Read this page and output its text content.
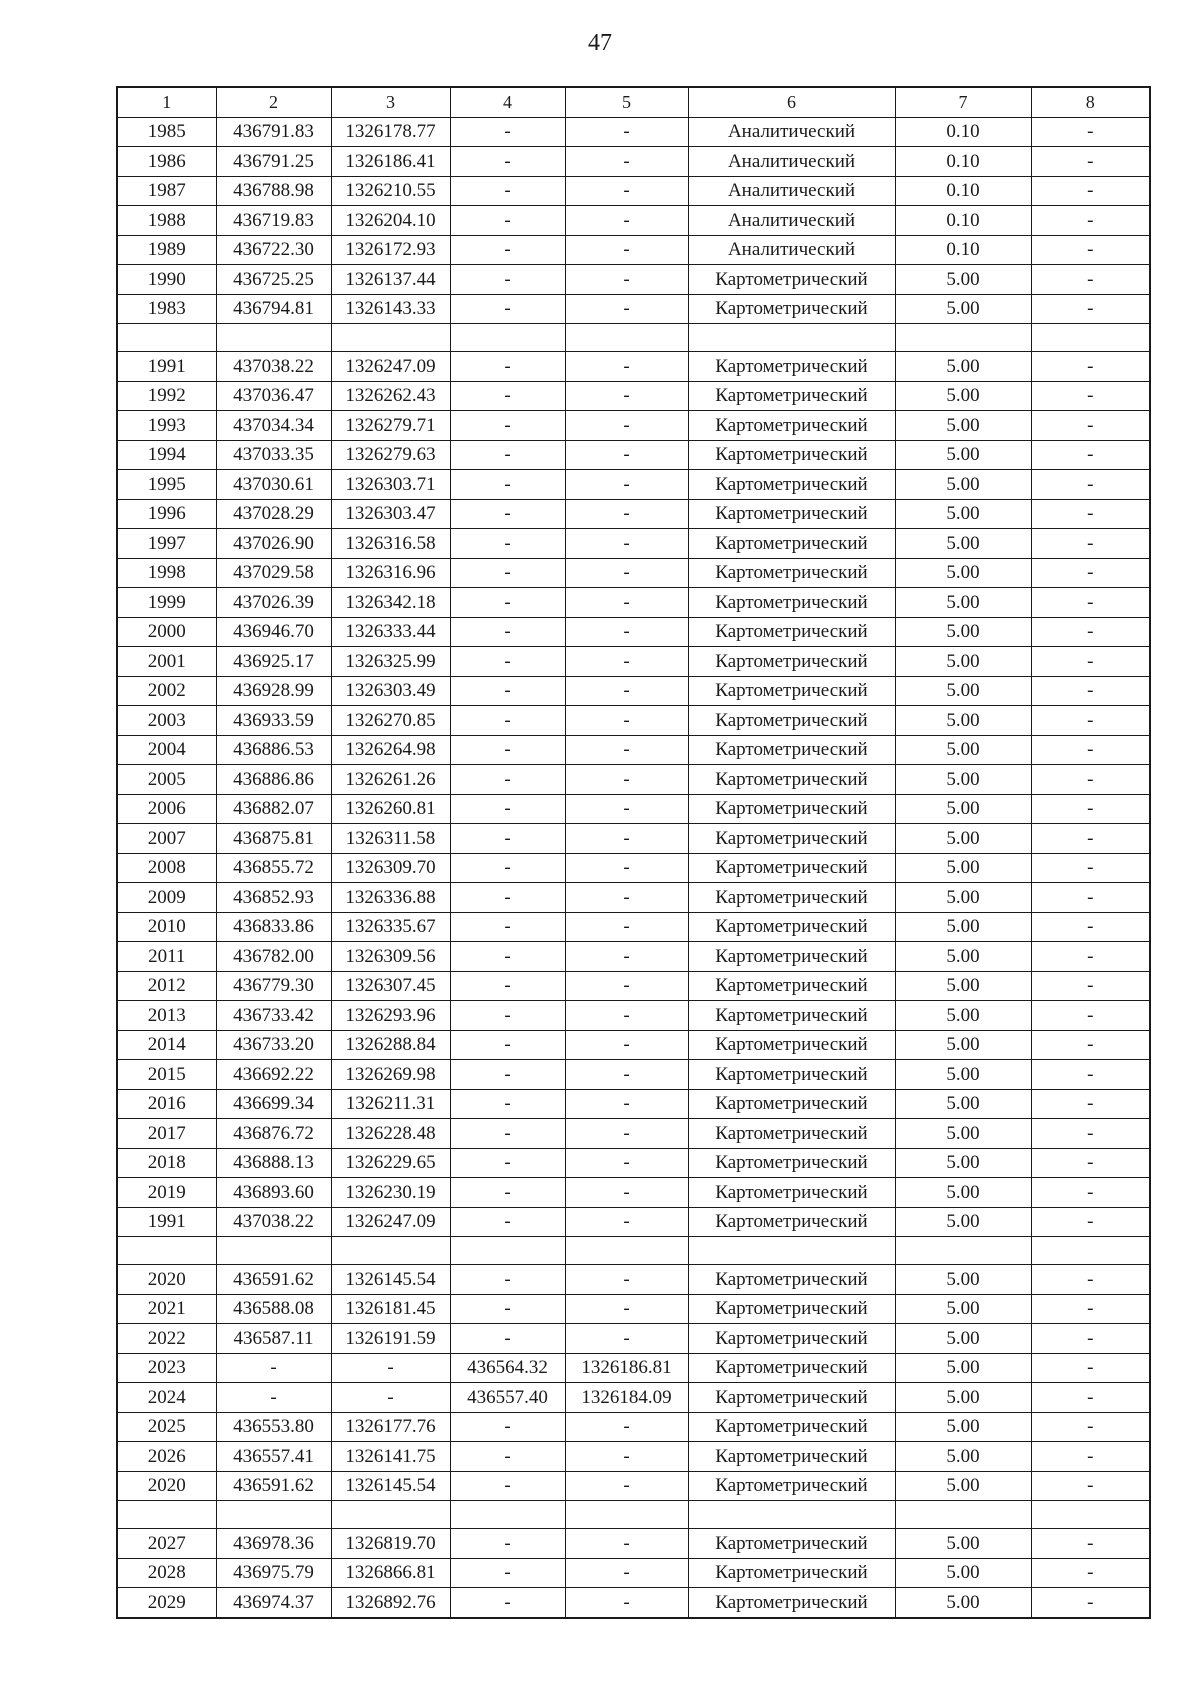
47
1	2	3	4	5	6	7	8
1985	436791.83	1326178.77	-	-	Аналитический	0.10	-
1986	436791.25	1326186.41	-	-	Аналитический	0.10	-
1987	436788.98	1326210.55	-	-	Аналитический	0.10	-
1988	436719.83	1326204.10	-	-	Аналитический	0.10	-
1989	436722.30	1326172.93	-	-	Аналитический	0.10	-
1990	436725.25	1326137.44	-	-	Картометрический	5.00	-
1983	436794.81	1326143.33	-	-	Картометрический	5.00	-

1991	437038.22	1326247.09	-	-	Картометрический	5.00	-
1992	437036.47	1326262.43	-	-	Картометрический	5.00	-
1993	437034.34	1326279.71	-	-	Картометрический	5.00	-
1994	437033.35	1326279.63	-	-	Картометрический	5.00	-
1995	437030.61	1326303.71	-	-	Картометрический	5.00	-
1996	437028.29	1326303.47	-	-	Картометрический	5.00	-
1997	437026.90	1326316.58	-	-	Картометрический	5.00	-
1998	437029.58	1326316.96	-	-	Картометрический	5.00	-
1999	437026.39	1326342.18	-	-	Картометрический	5.00	-
2000	436946.70	1326333.44	-	-	Картометрический	5.00	-
2001	436925.17	1326325.99	-	-	Картометрический	5.00	-
2002	436928.99	1326303.49	-	-	Картометрический	5.00	-
2003	436933.59	1326270.85	-	-	Картометрический	5.00	-
2004	436886.53	1326264.98	-	-	Картометрический	5.00	-
2005	436886.86	1326261.26	-	-	Картометрический	5.00	-
2006	436882.07	1326260.81	-	-	Картометрический	5.00	-
2007	436875.81	1326311.58	-	-	Картометрический	5.00	-
2008	436855.72	1326309.70	-	-	Картометрический	5.00	-
2009	436852.93	1326336.88	-	-	Картометрический	5.00	-
2010	436833.86	1326335.67	-	-	Картометрический	5.00	-
2011	436782.00	1326309.56	-	-	Картометрический	5.00	-
2012	436779.30	1326307.45	-	-	Картометрический	5.00	-
2013	436733.42	1326293.96	-	-	Картометрический	5.00	-
2014	436733.20	1326288.84	-	-	Картометрический	5.00	-
2015	436692.22	1326269.98	-	-	Картометрический	5.00	-
2016	436699.34	1326211.31	-	-	Картометрический	5.00	-
2017	436876.72	1326228.48	-	-	Картометрический	5.00	-
2018	436888.13	1326229.65	-	-	Картометрический	5.00	-
2019	436893.60	1326230.19	-	-	Картометрический	5.00	-
1991	437038.22	1326247.09	-	-	Картометрический	5.00	-

2020	436591.62	1326145.54	-	-	Картометрический	5.00	-
2021	436588.08	1326181.45	-	-	Картометрический	5.00	-
2022	436587.11	1326191.59	-	-	Картометрический	5.00	-
2023	-	-	436564.32	1326186.81	Картометрический	5.00	-
2024	-	-	436557.40	1326184.09	Картометрический	5.00	-
2025	436553.80	1326177.76	-	-	Картометрический	5.00	-
2026	436557.41	1326141.75	-	-	Картометрический	5.00	-
2020	436591.62	1326145.54	-	-	Картометрический	5.00	-

2027	436978.36	1326819.70	-	-	Картометрический	5.00	-
2028	436975.79	1326866.81	-	-	Картометрический	5.00	-
2029	436974.37	1326892.76	-	-	Картометрический	5.00	-
